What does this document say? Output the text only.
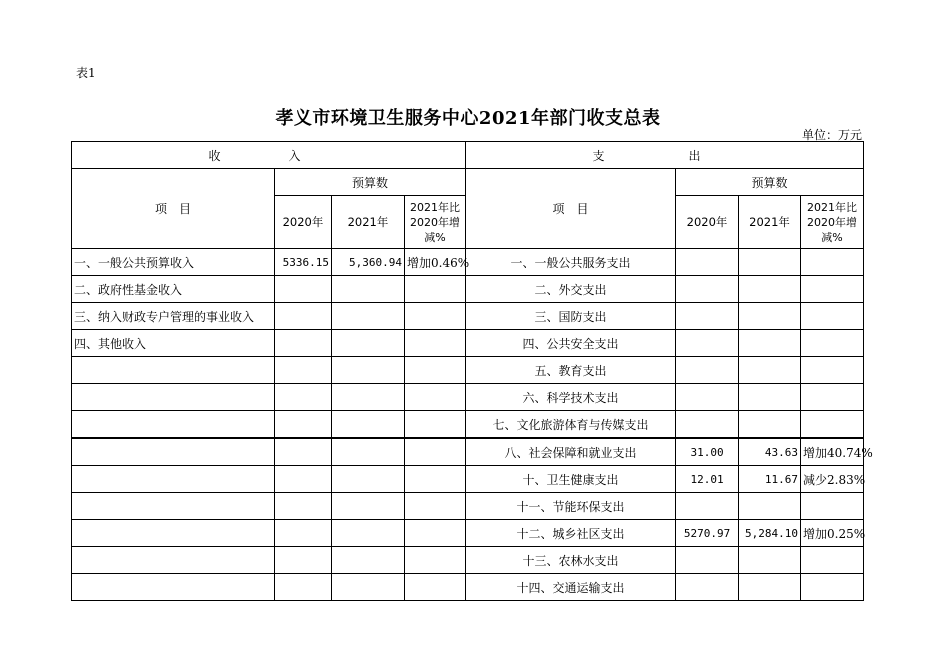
表1
孝义市环境卫生服务中心2021年部门收支总表
单位：万元
收　入				支　出			
项　目	预算数			项　目	预算数		
	2020年	2021年	2021年比2020年增减%		2020年	2021年	2021年比2020年增减%
一、一般公共预算收入	5336.15	5,360.94	增加0.46%	一、一般公共服务支出			
二、政府性基金收入				二、外交支出			
三、纳入财政专户管理的事业收入				三、国防支出			
四、其他收入				四、公共安全支出			
				五、教育支出			
				六、科学技术支出			
				七、文化旅游体育与传媒支出			
				八、社会保障和就业支出	31.00	43.63	增加40.74%
				十、卫生健康支出	12.01	11.67	减少2.83%
				十一、节能环保支出			
				十二、城乡社区支出	5270.97	5,284.10	增加0.25%
				十三、农林水支出			
				十四、交通运输支出			
